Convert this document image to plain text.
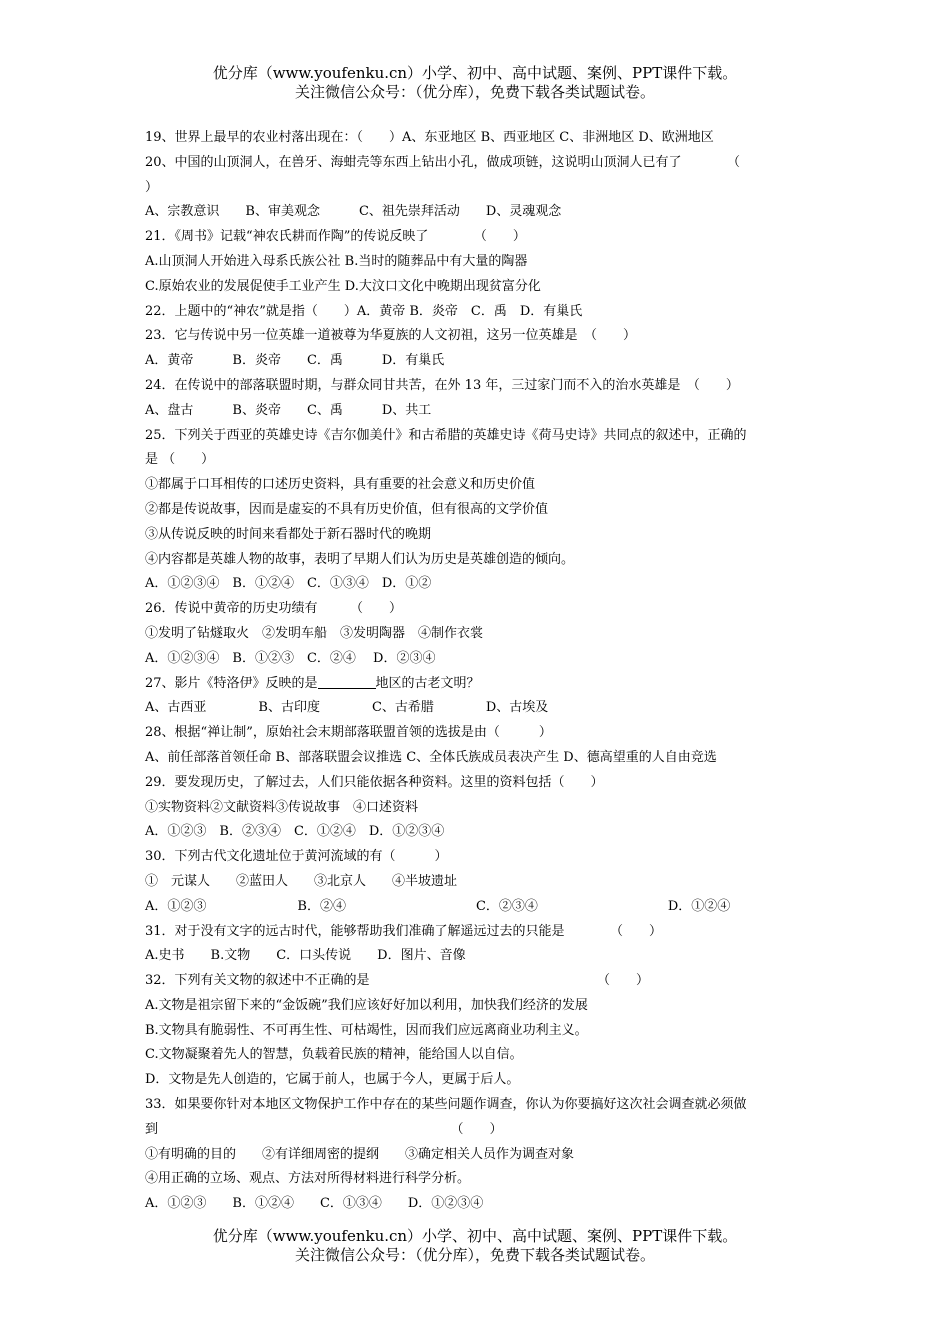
优分库（www.youfenku.cn）小学、初中、高中试题、案例、PPT课件下载。
关注微信公众号：（优分库），免费下载各类试题试卷。
19、世界上最早的农业村落出现在：（　　）A、东亚地区 B、西亚地区 C、非洲地区 D、欧洲地区
20、中国的山顶洞人，在兽牙、海蚶壳等东西上钻出小孔，做成项链，这说明山顶洞人已有了　　　　（
）
A、宗教意识　　B、审美观念　　　C、祖先崇拜活动　　D、灵魂观念
21．《周书》记载“神农氏耕而作陶”的传说反映了　　　　（　　）
A.山顶洞人开始进入母系氏族公社 B.当时的随葬品中有大量的陶器
C.原始农业的发展促使手工业产生 D.大汶口文化中晚期出现贫富分化
22．上题中的“神农”就是指（　　）A．黄帝 B．炎帝　C．禹　D．有巢氏
23．它与传说中另一位英雄一道被尊为华夏族的人文初祖，这另一位英雄是　（　　）
A．黄帝　　　B．炎帝　　C．禹　　　D．有巢氏
24．在传说中的部落联盟时期，与群众同甘共苦，在外 13 年，三过家门而不入的治水英雄是　（　　）
A、盘古　　　B、炎帝　　C、禹　　　D、共工
25．下列关于西亚的英雄史诗《吉尔伽美什》和古希腊的英雄史诗《荷马史诗》共同点的叙述中，正确的
是 （　　）
①都属于口耳相传的口述历史资料，具有重要的社会意义和历史价值
②都是传说故事，因而是虚妄的不具有历史价值，但有很高的文学价值
③从传说反映的时间来看都处于新石器时代的晚期
④内容都是英雄人物的故事，表明了早期人们认为历史是英雄创造的倾向。
A．①②③④　B．①②④　C．①③④　D．①②
26．传说中黄帝的历史功绩有　　　（　　）
①发明了钻燧取火　②发明车船　③发明陶器　④制作衣裳
A．①②③④　B．①②③　C．②④　 D．②③④
27、影片《特洛伊》反映的是	地区的古老文明？
A、古西亚　　　　B、古印度　　　　C、古希腊　　　　D、古埃及
28、根据“禅让制”，原始社会末期部落联盟首领的选拔是由（　　　）
A、前任部落首领任命 B、部落联盟会议推选 C、全体氏族成员表决产生 D、德高望重的人自由竞选
29．要发现历史，了解过去，人们只能依据各种资料。这里的资料包括（　　）
①实物资料②文献资料③传说故事　④口述资料
A．①②③　B．②③④　C．①②④　D．①②③④
30．下列古代文化遗址位于黄河流域的有（　　　）
①　元谋人　　②蓝田人　　③北京人　　④半坡遗址
A．①②③　　　　　　　B．②④　　　　　　　　　　C．②③④　　　　　　　　　　D．①②④
31．对于没有文字的远古时代，能够帮助我们准确了解遥远过去的只能是　　　　（　　）
A.史书　　B.文物　　C．口头传说　　D．图片、音像
32．下列有关文物的叙述中不正确的是　　　　　　　　　　　　　　　　　　（　　）
A.文物是祖宗留下来的“金饭碗”我们应该好好加以利用，加快我们经济的发展
B.文物具有脆弱性、不可再生性、可枯竭性，因而我们应远离商业功利主义。
C.文物凝聚着先人的智慧，负载着民族的精神，能给国人以自信。
D．文物是先人创造的，它属于前人，也属于今人，更属于后人。
33．如果要你针对本地区文物保护工作中存在的某些问题作调查，你认为你要搞好这次社会调查就必须做
到　　　　　　　　　　　　　　　　　　　　　　　（　　）
①有明确的目的　　②有详细周密的提纲　　③确定相关人员作为调查对象
④用正确的立场、观点、方法对所得材料进行科学分析。
A．①②③　　B．①②④　　C．①③④　　D．①②③④
优分库（www.youfenku.cn）小学、初中、高中试题、案例、PPT课件下载。
关注微信公众号：（优分库），免费下载各类试题试卷。
